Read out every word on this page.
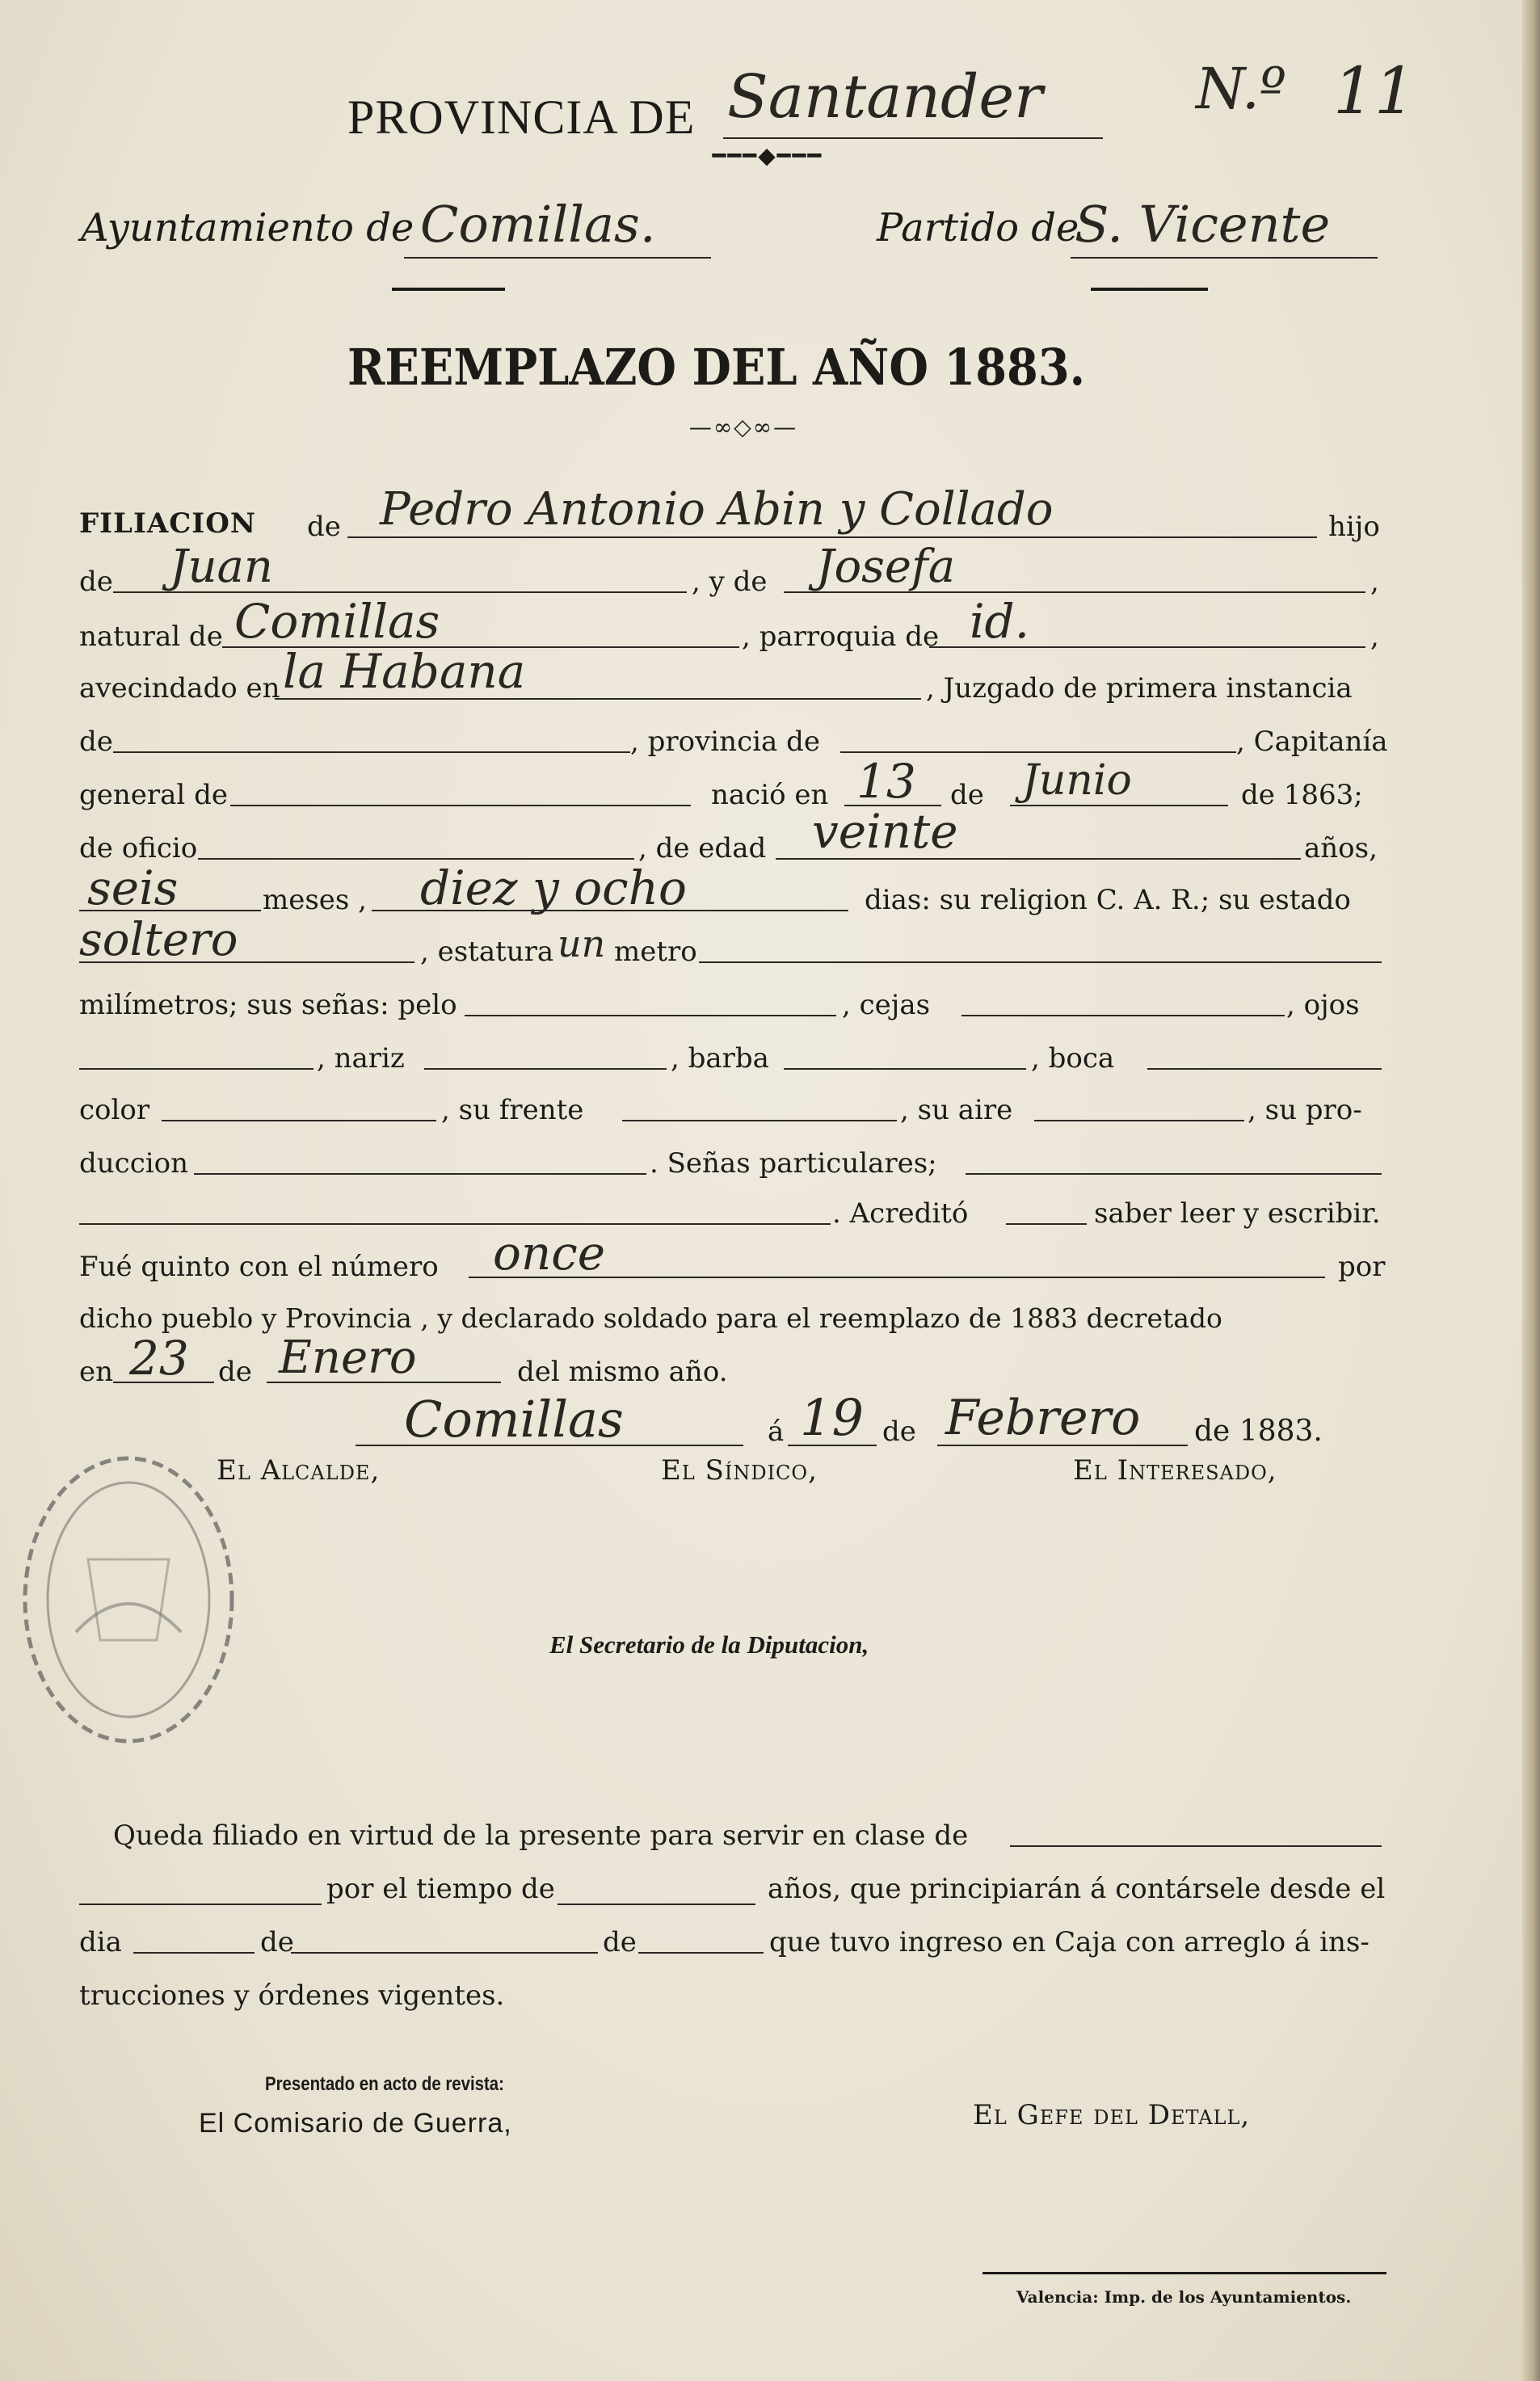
PROVINCIA DE Santander
━━━◆━━━
N.º 11
Ayuntamiento de Comillas.	Partido de
S. Vicente
REEMPLAZO DEL AÑO 1883.
—∞◇∞—
FILIACION de Pedro Antonio Abin y Collado	hijo
de Juan	, y de Josefa	,
natural de Comillas	, parroquia de id.	,
avecindado en la Habana	, Juzgado de primera instancia
de	, provincia de	, Capitanía
general de	nació en 13 de Junio	de 1863;
de oficio	, de edad veinte	años,
seis	meses , diez y ocho	dias: su religion C. A. R.; su estado
soltero	, estatura un metro
milímetros; sus señas: pelo	, cejas	, ojos
, nariz	, barba	, boca
color	, su frente	, su aire	, su pro-
duccion	. Señas particulares;
. Acreditó	saber leer y escribir.
Fué quinto con el número once	por
dicho pueblo y Provincia , y declarado soldado para el reemplazo de 1883 decretado
en 23 de Enero	del mismo año.
Comillas	á 19 de Febrero de 1883.
El Alcalde,	El Síndico,	El Interesado,
El Secretario de la Diputacion,
Queda filiado en virtud de la presente para servir en clase de
por el tiempo de	años, que principiarán á contársele desde el
dia	de	de	que tuvo ingreso en Caja con arreglo á ins-
trucciones y órdenes vigentes.
Presentado en acto de revista:
El Comisario de Guerra,	El Gefe del Detall,
Valencia: Imp. de los Ayuntamientos.
